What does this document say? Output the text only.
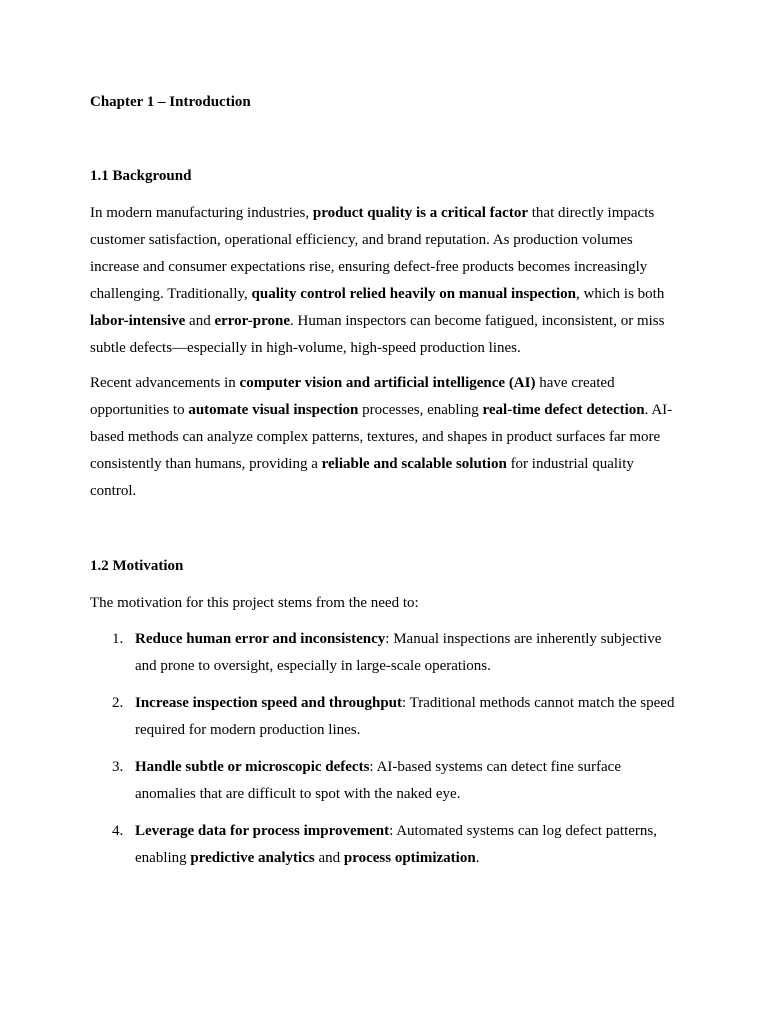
Chapter 1 – Introduction
1.1 Background

In modern manufacturing industries, product quality is a critical factor that directly impacts
customer satisfaction, operational efficiency, and brand reputation. As production volumes
increase and consumer expectations rise, ensuring defect-free products becomes increasingly
challenging. Traditionally, quality control relied heavily on manual inspection, which is both
labor-intensive and error-prone. Human inspectors can become fatigued, inconsistent, or miss
subtle defects—especially in high-volume, high-speed production lines.

Recent advancements in computer vision and artificial intelligence (AI) have created
opportunities to automate visual inspection processes, enabling real-time defect detection. AI-
based methods can analyze complex patterns, textures, and shapes in product surfaces far more
consistently than humans, providing a reliable and scalable solution for industrial quality
control.

1.2 Motivation

The motivation for this project stems from the need to:

1. Reduce human error and inconsistency: Manual inspections are inherently subjective
and prone to oversight, especially in large-scale operations.
2. Increase inspection speed and throughput: Traditional methods cannot match the speed
required for modern production lines.
3. Handle subtle or microscopic defects: AI-based systems can detect fine surface
anomalies that are difficult to spot with the naked eye.
4. Leverage data for process improvement: Automated systems can log defect patterns,
enabling predictive analytics and process optimization.
